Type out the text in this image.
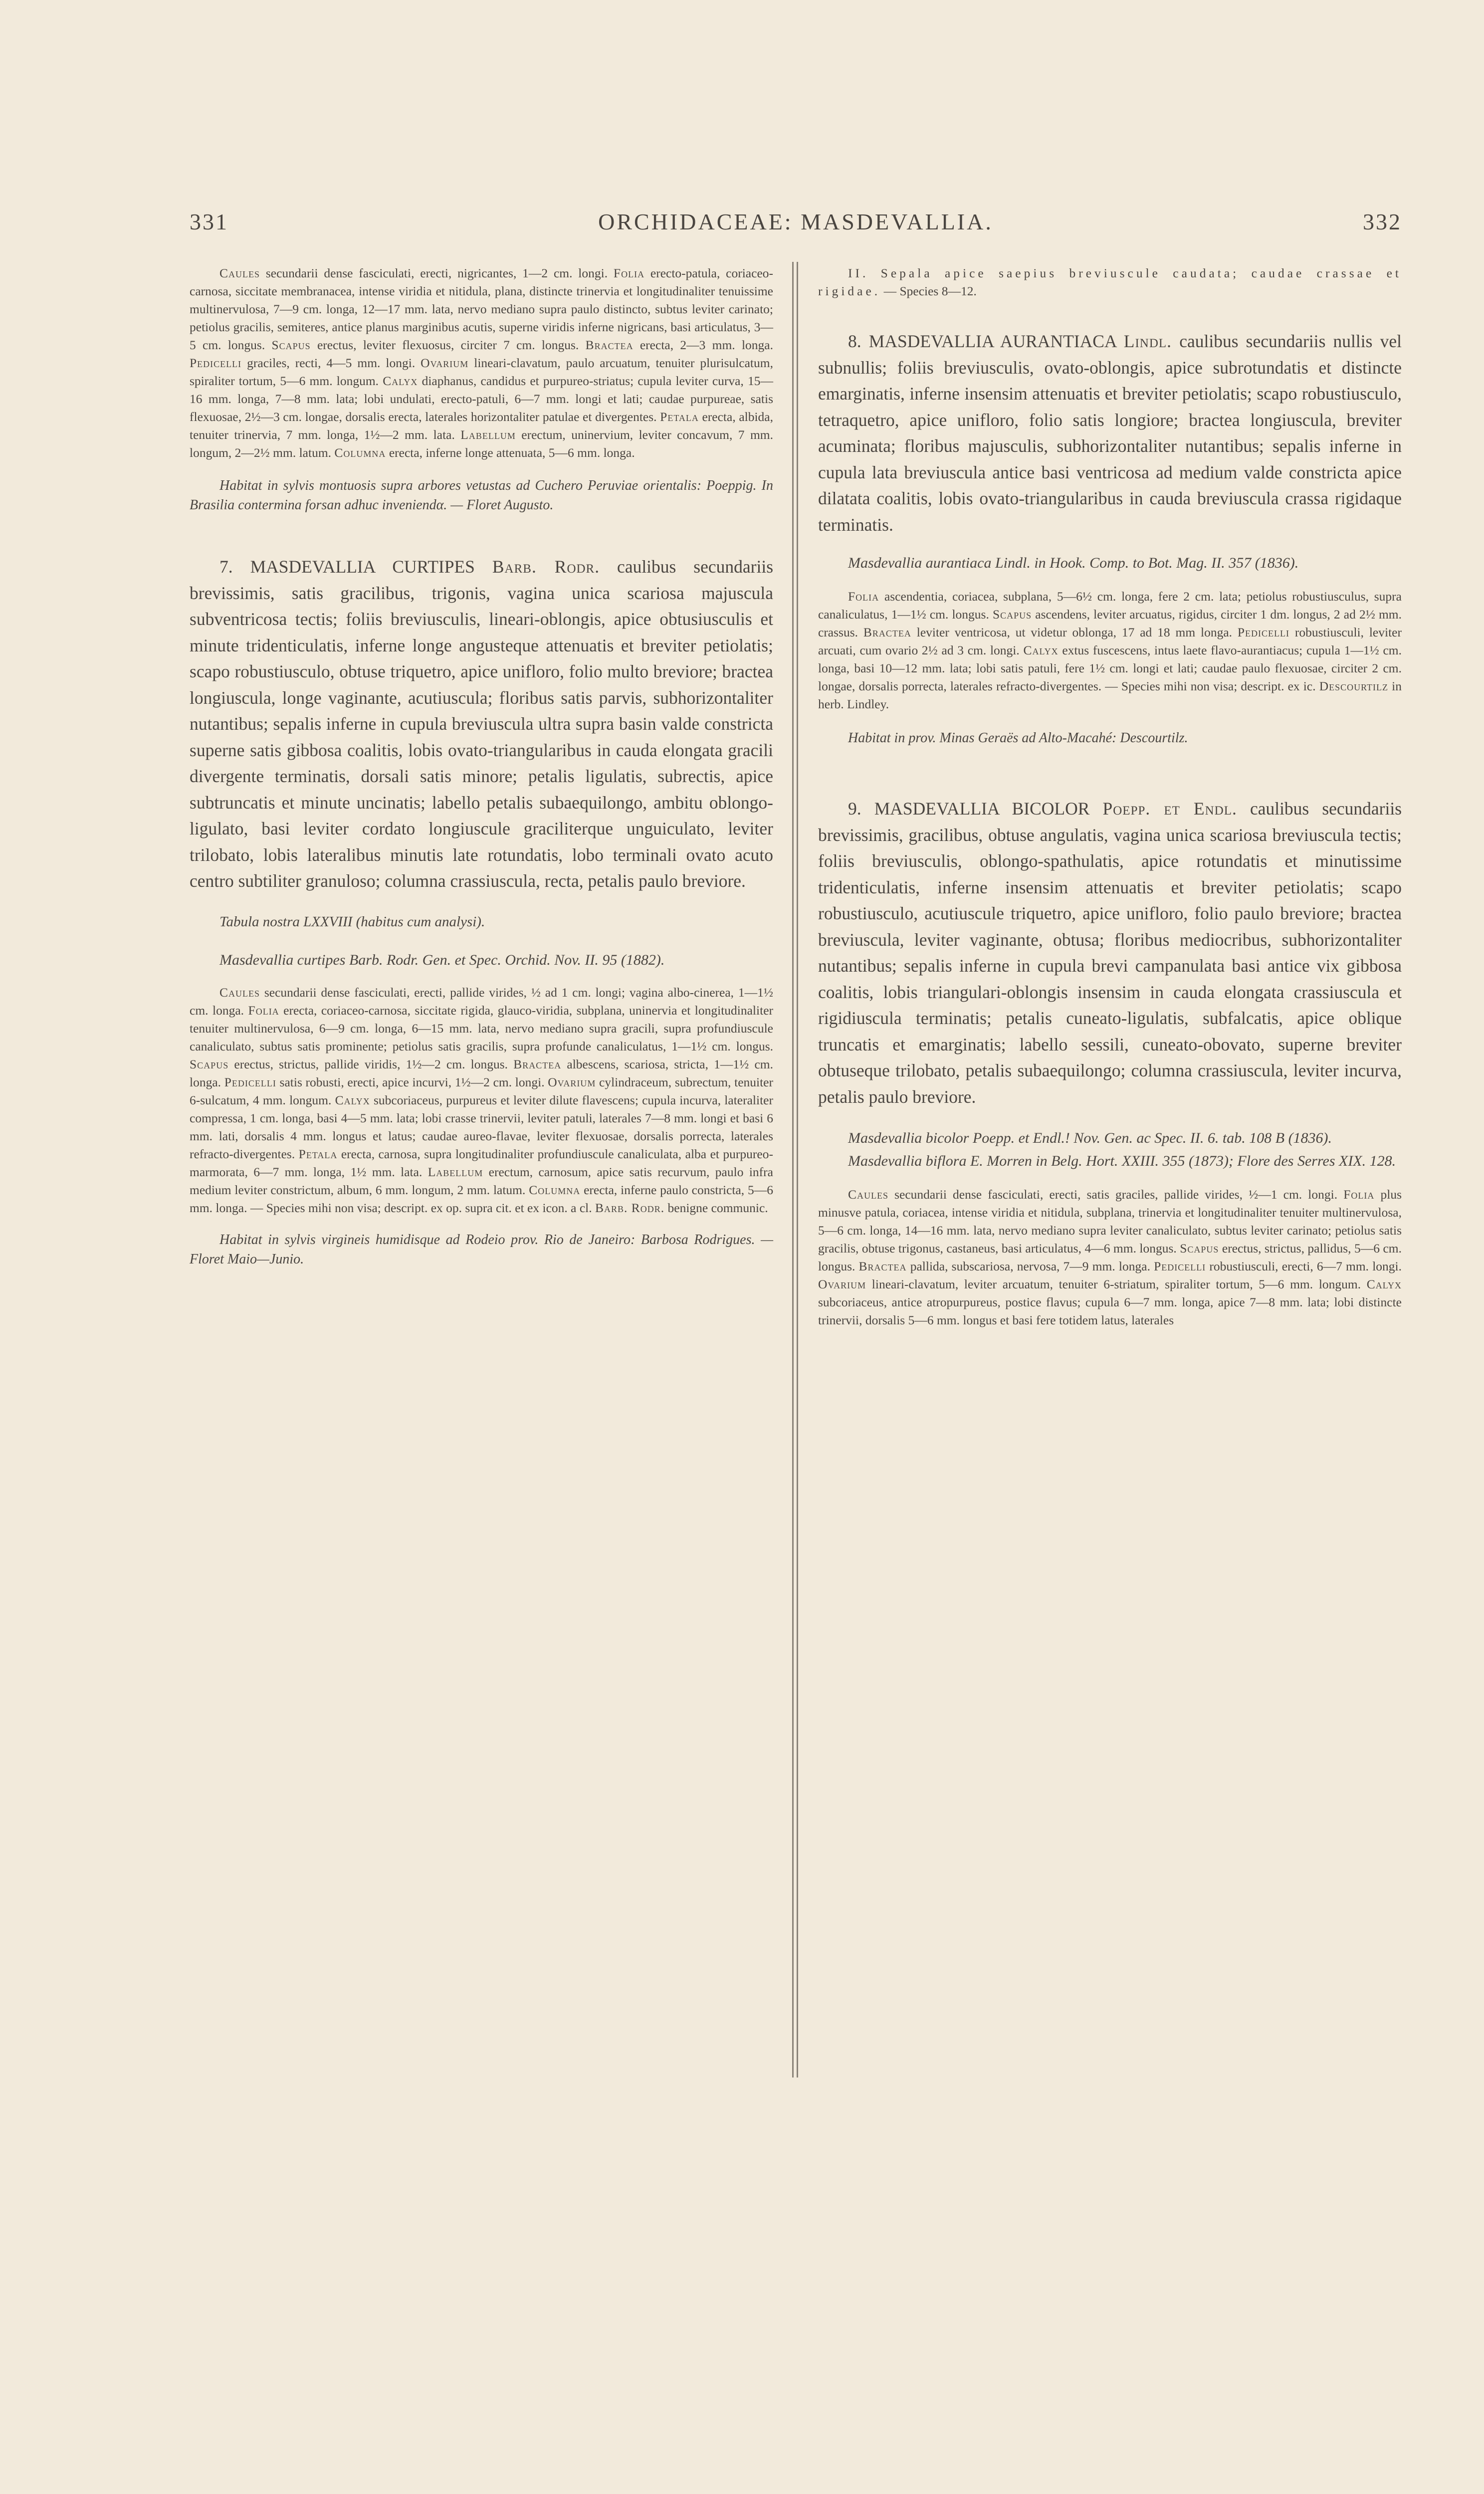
331	ORCHIDACEAE: MASDEVALLIA.	332

Caules secundarii dense fasciculati, erecti, nigricantes, 1—2 cm. longi. Folia erecto-patula, coriaceo-carnosa, siccitate membranacea, intense viridia et nitidula, plana, distincte trinervia et longitudinaliter tenuissime multinervulosa, 7—9 cm. longa, 12—17 mm. lata, nervo mediano supra paulo distincto, subtus leviter carinato; petiolus gracilis, semiteres, antice planus marginibus acutis, superne viridis inferne nigricans, basi articulatus, 3—5 cm. longus. Scapus erectus, leviter flexuosus, circiter 7 cm. longus. Bractea erecta, 2—3 mm. longa. Pedicelli graciles, recti, 4—5 mm. longi. Ovarium lineari-clavatum, paulo arcuatum, tenuiter plurisulcatum, spiraliter tortum, 5—6 mm. longum. Calyx diaphanus, candidus et purpureo-striatus; cupula leviter curva, 15—16 mm. longa, 7—8 mm. lata; lobi undulati, erecto-patuli, 6—7 mm. longi et lati; caudae purpureae, satis flexuosae, 2½—3 cm. longae, dorsalis erecta, laterales horizontaliter patulae et divergentes. Petala erecta, albida, tenuiter trinervia, 7 mm. longa, 1½—2 mm. lata. Labellum erectum, uninervium, leviter concavum, 7 mm. longum, 2—2½ mm. latum. Columna erecta, inferne longe attenuata, 5—6 mm. longa.

Habitat in sylvis montuosis supra arbores vetustas ad Cuchero Peruviae orientalis: Poeppig. In Brasilia contermina forsan adhuc inveniendα. — Floret Augusto.

7. MASDEVALLIA CURTIPES Barb. Rodr. caulibus secundariis brevissimis, satis gracilibus, trigonis, vagina unica scariosa majuscula subventricosa tectis; foliis breviusculis, lineari-oblongis, apice obtusiusculis et minute tridenticulatis, inferne longe angusteque attenuatis et breviter petiolatis; scapo robustiusculo, obtuse triquetro, apice unifloro, folio multo breviore; bractea longiuscula, longe vaginante, acutiuscula; floribus satis parvis, subhorizontaliter nutantibus; sepalis inferne in cupula breviuscula ultra supra basin valde constricta superne satis gibbosa coalitis, lobis ovato-triangularibus in cauda elongata gracili divergente terminatis, dorsali satis minore; petalis ligulatis, subrectis, apice subtruncatis et minute uncinatis; labello petalis subaequilongo, ambitu oblongo-ligulato, basi leviter cordato longiuscule graciliterque unguiculato, leviter trilobato, lobis lateralibus minutis late rotundatis, lobo terminali ovato acuto centro subtiliter granuloso; columna crassiuscula, recta, petalis paulo breviore.

Tabula nostra LXXVIII (habitus cum analysi).

Masdevallia curtipes Barb. Rodr. Gen. et Spec. Orchid. Nov. II. 95 (1882).

Caules secundarii dense fasciculati, erecti, pallide virides, ½ ad 1 cm. longi; vagina albo-cinerea, 1—1½ cm. longa. Folia erecta, coriaceo-carnosa, siccitate rigida, glauco-viridia, subplana, uninervia et longitudinaliter tenuiter multinervulosa, 6—9 cm. longa, 6—15 mm. lata, nervo mediano supra gracili, supra profundiuscule canaliculato, subtus satis prominente; petiolus satis gracilis, supra profunde canaliculatus, 1—1½ cm. longus. Scapus erectus, strictus, pallide viridis, 1½—2 cm. longus. Bractea albescens, scariosa, stricta, 1—1½ cm. longa. Pedicelli satis robusti, erecti, apice incurvi, 1½—2 cm. longi. Ovarium cylindraceum, subrectum, tenuiter 6-sulcatum, 4 mm. longum. Calyx subcoriaceus, purpureus et leviter dilute flavescens; cupula incurva, lateraliter compressa, 1 cm. longa, basi 4—5 mm. lata; lobi crasse trinervii, leviter patuli, laterales 7—8 mm. longi et basi 6 mm. lati, dorsalis 4 mm. longus et latus; caudae aureo-flavae, leviter flexuosae, dorsalis porrecta, laterales refracto-divergentes. Petala erecta, carnosa, supra longitudinaliter profundiuscule canaliculata, alba et purpureo-marmorata, 6—7 mm. longa, 1½ mm. lata. Labellum erectum, carnosum, apice satis recurvum, paulo infra medium leviter constrictum, album, 6 mm. longum, 2 mm. latum. Columna erecta, inferne paulo constricta, 5—6 mm. longa. — Species mihi non visa; descript. ex op. supra cit. et ex icon. a cl. Barb. Rodr. benigne communic.

Habitat in sylvis virgineis humidisque ad Rodeio prov. Rio de Janeiro: Barbosa Rodrigues. — Floret Maio—Junio.

II. Sepala apice saepius breviuscule caudata; caudae crassae et rigidae. — Species 8—12.

8. MASDEVALLIA AURANTIACA Lindl. caulibus secundariis nullis vel subnullis; foliis breviusculis, ovato-oblongis, apice subrotundatis et distincte emarginatis, inferne insensim attenuatis et breviter petiolatis; scapo robustiusculo, tetraquetro, apice unifloro, folio satis longiore; bractea longiuscula, breviter acuminata; floribus majusculis, subhorizontaliter nutantibus; sepalis inferne in cupula lata breviuscula antice basi ventricosa ad medium valde constricta apice dilatata coalitis, lobis ovato-triangularibus in cauda breviuscula crassa rigidaque terminatis.

Masdevallia aurantiaca Lindl. in Hook. Comp. to Bot. Mag. II. 357 (1836).

Folia ascendentia, coriacea, subplana, 5—6½ cm. longa, fere 2 cm. lata; petiolus robustiusculus, supra canaliculatus, 1—1½ cm. longus. Scapus ascendens, leviter arcuatus, rigidus, circiter 1 dm. longus, 2 ad 2½ mm. crassus. Bractea leviter ventricosa, ut videtur oblonga, 17 ad 18 mm longa. Pedicelli robustiusculi, leviter arcuati, cum ovario 2½ ad 3 cm. longi. Calyx extus fuscescens, intus laete flavo-aurantiacus; cupula 1—1½ cm. longa, basi 10—12 mm. lata; lobi satis patuli, fere 1½ cm. longi et lati; caudae paulo flexuosae, circiter 2 cm. longae, dorsalis porrecta, laterales refracto-divergentes. — Species mihi non visa; descript. ex ic. Descourtilz in herb. Lindley.

Habitat in prov. Minas Geraës ad Alto-Macahé: Descourtilz.

9. MASDEVALLIA BICOLOR Poepp. et Endl. caulibus secundariis brevissimis, gracilibus, obtuse angulatis, vagina unica scariosa breviuscula tectis; foliis breviusculis, oblongo-spathulatis, apice rotundatis et minutissime tridenticulatis, inferne insensim attenuatis et breviter petiolatis; scapo robustiusculo, acutiuscule triquetro, apice unifloro, folio paulo breviore; bractea breviuscula, leviter vaginante, obtusa; floribus mediocribus, subhorizontaliter nutantibus; sepalis inferne in cupula brevi campanulata basi antice vix gibbosa coalitis, lobis triangulari-oblongis insensim in cauda elongata crassiuscula et rigidiuscula terminatis; petalis cuneato-ligulatis, subfalcatis, apice oblique truncatis et emarginatis; labello sessili, cuneato-obovato, superne breviter obtuseque trilobato, petalis subaequilongo; columna crassiuscula, leviter incurva, petalis paulo breviore.

Masdevallia bicolor Poepp. et Endl.! Nov. Gen. ac Spec. II. 6. tab. 108 B (1836).

Masdevallia biflora E. Morren in Belg. Hort. XXIII. 355 (1873); Flore des Serres XIX. 128.

Caules secundarii dense fasciculati, erecti, satis graciles, pallide virides, ½—1 cm. longi. Folia plus minusve patula, coriacea, intense viridia et nitidula, subplana, trinervia et longitudinaliter tenuiter multinervulosa, 5—6 cm. longa, 14—16 mm. lata, nervo mediano supra leviter canaliculato, subtus leviter carinato; petiolus satis gracilis, obtuse trigonus, castaneus, basi articulatus, 4—6 mm. longus. Scapus erectus, strictus, pallidus, 5—6 cm. longus. Bractea pallida, subscariosa, nervosa, 7—9 mm. longa. Pedicelli robustiusculi, erecti, 6—7 mm. longi. Ovarium lineari-clavatum, leviter arcuatum, tenuiter 6-striatum, spiraliter tortum, 5—6 mm. longum. Calyx subcoriaceus, antice atropurpureus, postice flavus; cupula 6—7 mm. longa, apice 7—8 mm. lata; lobi distincte trinervii, dorsalis 5—6 mm. longus et basi fere totidem latus, laterales
